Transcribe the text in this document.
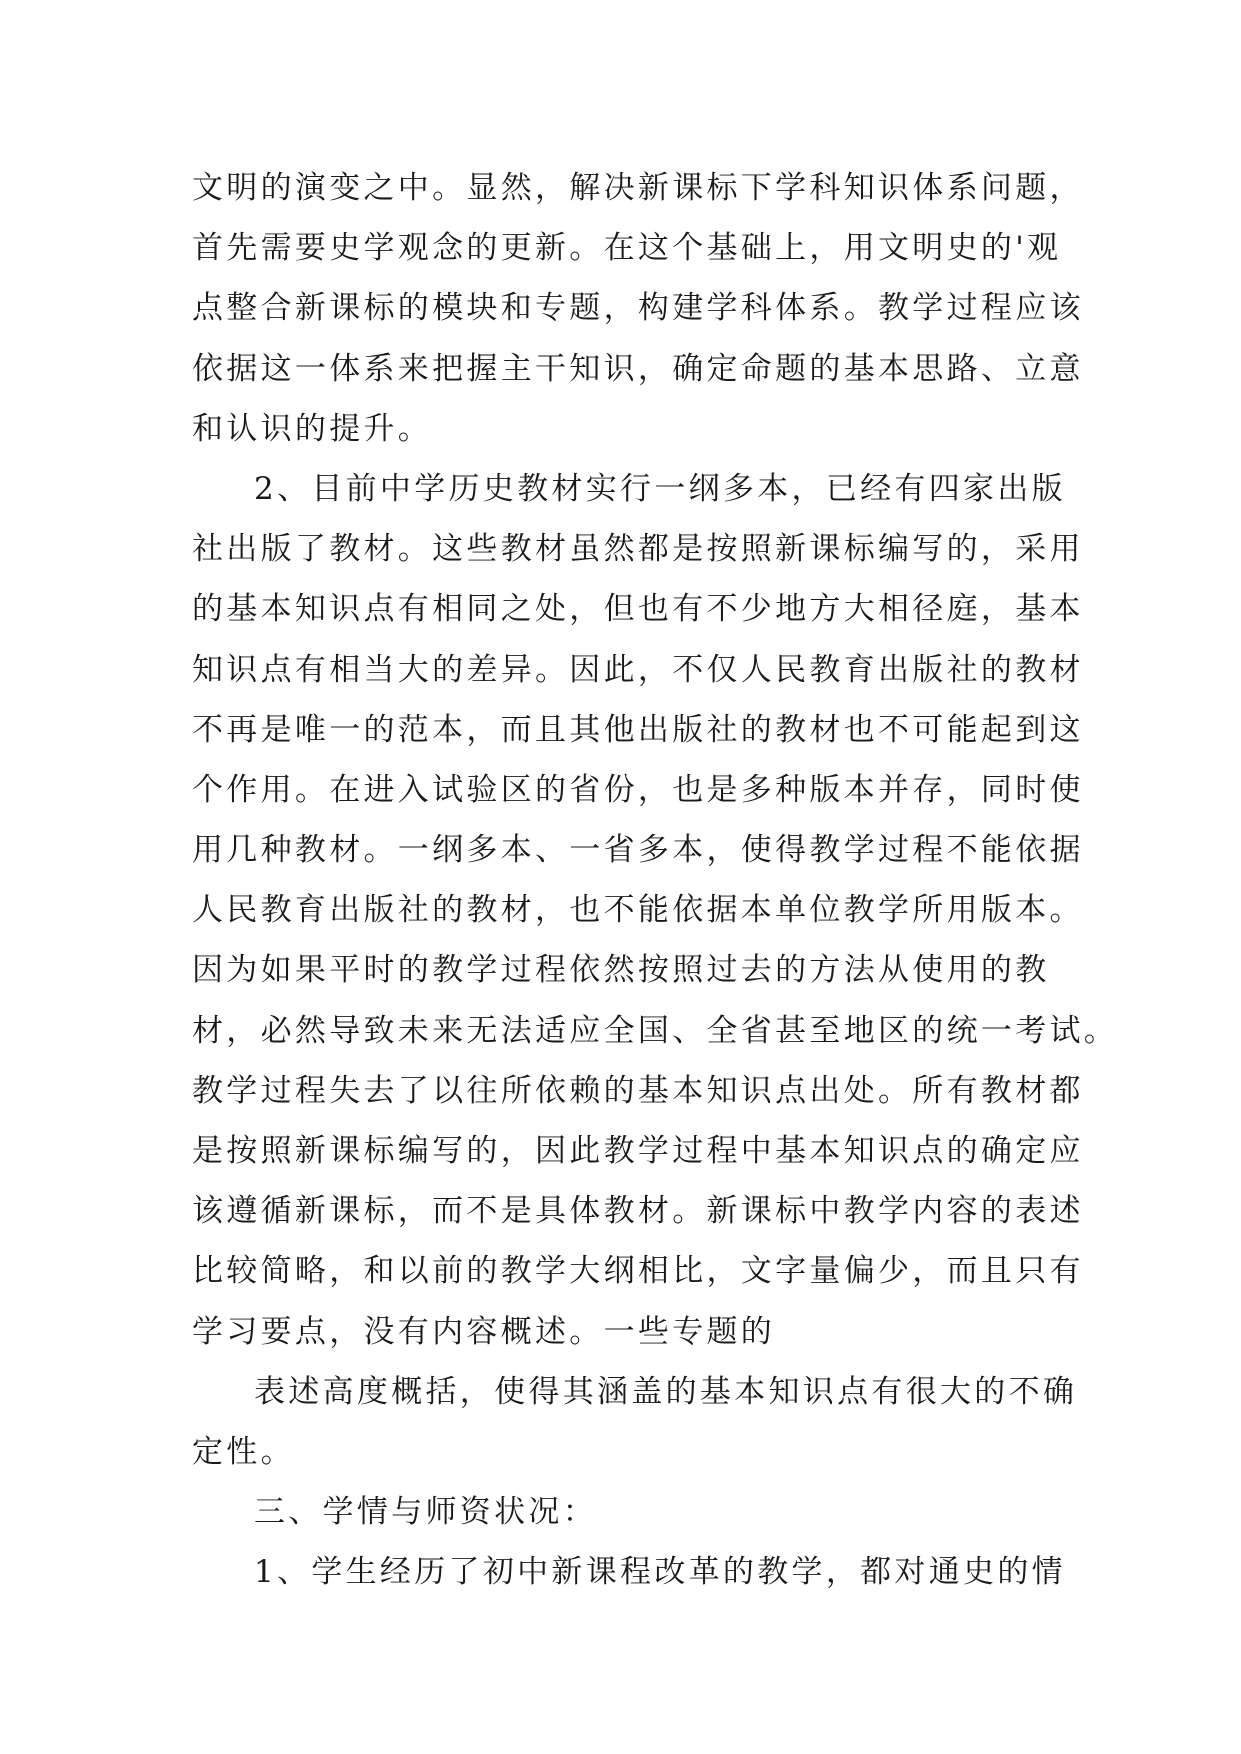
文明的演变之中。显然，解决新课标下学科知识体系问题，
首先需要史学观念的更新。在这个基础上，用文明史的'观
点整合新课标的模块和专题，构建学科体系。教学过程应该
依据这一体系来把握主干知识，确定命题的基本思路、立意
和认识的提升。
2、目前中学历史教材实行一纲多本，已经有四家出版
社出版了教材。这些教材虽然都是按照新课标编写的，采用
的基本知识点有相同之处，但也有不少地方大相径庭，基本
知识点有相当大的差异。因此，不仅人民教育出版社的教材
不再是唯一的范本，而且其他出版社的教材也不可能起到这
个作用。在进入试验区的省份，也是多种版本并存，同时使
用几种教材。一纲多本、一省多本，使得教学过程不能依据
人民教育出版社的教材，也不能依据本单位教学所用版本。
因为如果平时的教学过程依然按照过去的方法从使用的教
材，必然导致未来无法适应全国、全省甚至地区的统一考试。
教学过程失去了以往所依赖的基本知识点出处。所有教材都
是按照新课标编写的，因此教学过程中基本知识点的确定应
该遵循新课标，而不是具体教材。新课标中教学内容的表述
比较简略，和以前的教学大纲相比，文字量偏少，而且只有
学习要点，没有内容概述。一些专题的
表述高度概括，使得其涵盖的基本知识点有很大的不确
定性。
三、学情与师资状况：
1、学生经历了初中新课程改革的教学，都对通史的情
